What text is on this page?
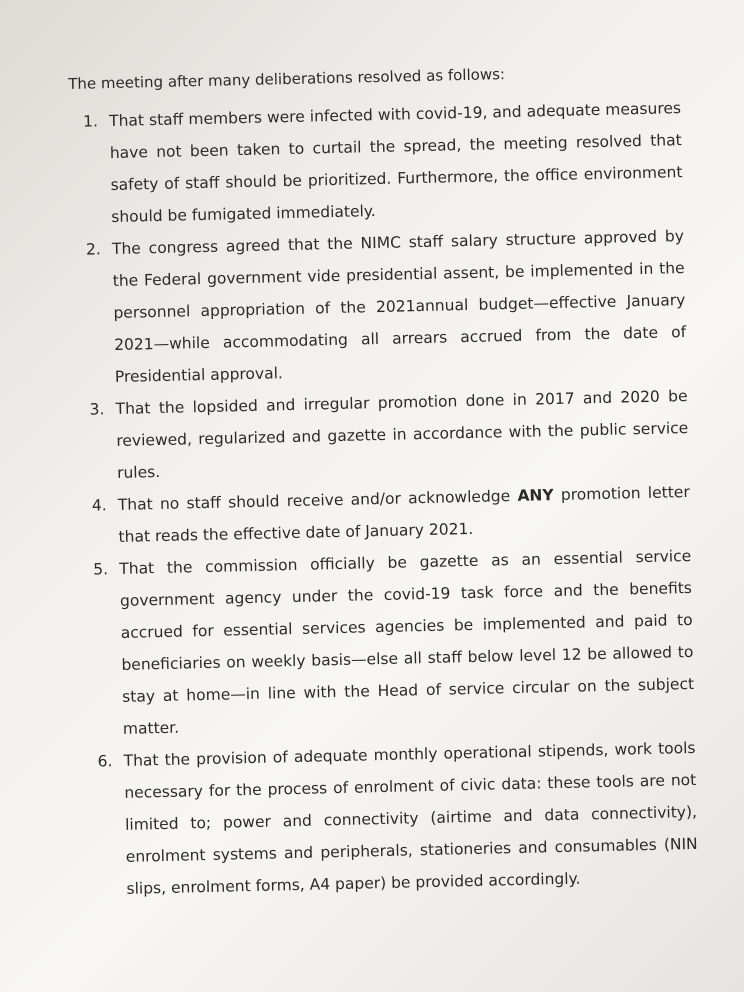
The meeting after many deliberations resolved as follows:

1. That staff members were infected with covid-19, and adequate measures have not been taken to curtail the spread, the meeting resolved that safety of staff should be prioritized. Furthermore, the office environment should be fumigated immediately.
2. The congress agreed that the NIMC staff salary structure approved by the Federal government vide presidential assent, be implemented in the personnel appropriation of the 2021annual budget—effective January 2021—while accommodating all arrears accrued from the date of Presidential approval.
3. That the lopsided and irregular promotion done in 2017 and 2020 be reviewed, regularized and gazette in accordance with the public service rules.
4. That no staff should receive and/or acknowledge ANY promotion letter that reads the effective date of January 2021.
5. That the commission officially be gazette as an essential service government agency under the covid-19 task force and the benefits accrued for essential services agencies be implemented and paid to beneficiaries on weekly basis—else all staff below level 12 be allowed to stay at home—in line with the Head of service circular on the subject matter.
6. That the provision of adequate monthly operational stipends, work tools necessary for the process of enrolment of civic data: these tools are not limited to; power and connectivity (airtime and data connectivity), enrolment systems and peripherals, stationeries and consumables (NIN slips, enrolment forms, A4 paper) be provided accordingly.
